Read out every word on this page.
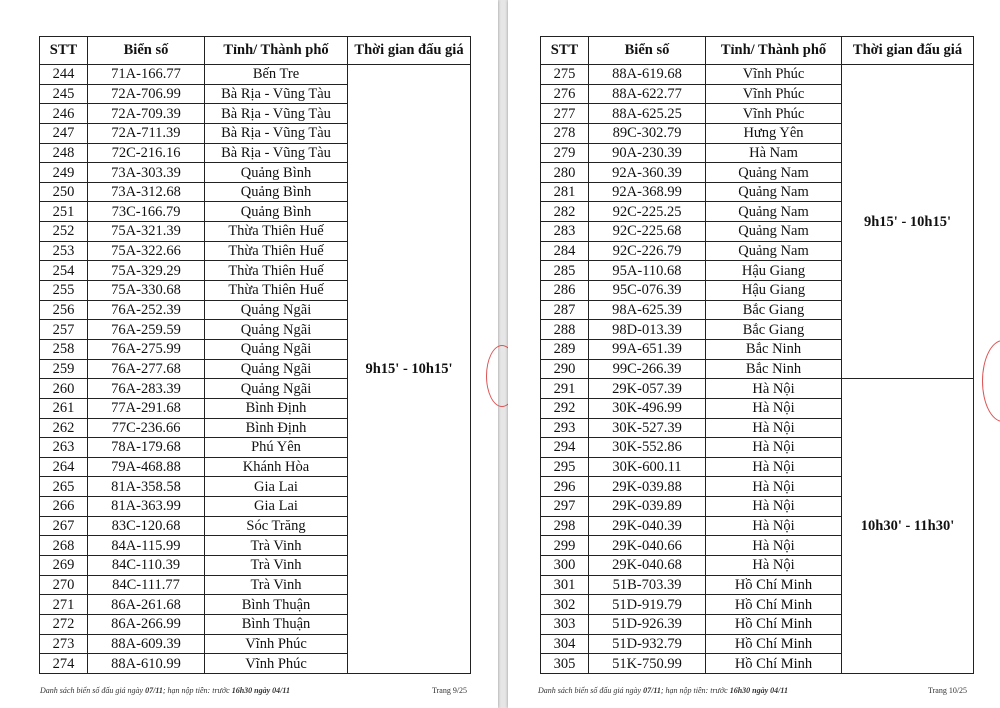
STT	Biển số	Tỉnh/ Thành phố	Thời gian đấu giá
244	71A-166.77	Bến Tre	9h15' - 10h15'
245	72A-706.99	Bà Rịa - Vũng Tàu	
246	72A-709.39	Bà Rịa - Vũng Tàu	
247	72A-711.39	Bà Rịa - Vũng Tàu	
248	72C-216.16	Bà Rịa - Vũng Tàu	
249	73A-303.39	Quảng Bình	
250	73A-312.68	Quảng Bình	
251	73C-166.79	Quảng Bình	
252	75A-321.39	Thừa Thiên Huế	
253	75A-322.66	Thừa Thiên Huế	
254	75A-329.29	Thừa Thiên Huế	
255	75A-330.68	Thừa Thiên Huế	
256	76A-252.39	Quảng Ngãi	
257	76A-259.59	Quảng Ngãi	
258	76A-275.99	Quảng Ngãi	
259	76A-277.68	Quảng Ngãi	
260	76A-283.39	Quảng Ngãi	
261	77A-291.68	Bình Định	
262	77C-236.66	Bình Định	
263	78A-179.68	Phú Yên	
264	79A-468.88	Khánh Hòa	
265	81A-358.58	Gia Lai	
266	81A-363.99	Gia Lai	
267	83C-120.68	Sóc Trăng	
268	84A-115.99	Trà Vinh	
269	84C-110.39	Trà Vinh	
270	84C-111.77	Trà Vinh	
271	86A-261.68	Bình Thuận	
272	86A-266.99	Bình Thuận	
273	88A-609.39	Vĩnh Phúc	
274	88A-610.99	Vĩnh Phúc	
Danh sách biển số đấu giá ngày 07/11; hạn nộp tiền: trước 16h30 ngày 04/11	Trang 9/25
STT	Biển số	Tỉnh/ Thành phố	Thời gian đấu giá
275	88A-619.68	Vĩnh Phúc	9h15' - 10h15'
276	88A-622.77	Vĩnh Phúc	
277	88A-625.25	Vĩnh Phúc	
278	89C-302.79	Hưng Yên	
279	90A-230.39	Hà Nam	
280	92A-360.39	Quảng Nam	
281	92A-368.99	Quảng Nam	
282	92C-225.25	Quảng Nam	
283	92C-225.68	Quảng Nam	
284	92C-226.79	Quảng Nam	
285	95A-110.68	Hậu Giang	
286	95C-076.39	Hậu Giang	
287	98A-625.39	Bắc Giang	
288	98D-013.39	Bắc Giang	
289	99A-651.39	Bắc Ninh	
290	99C-266.39	Bắc Ninh	
291	29K-057.39	Hà Nội	10h30' - 11h30'
292	30K-496.99	Hà Nội	
293	30K-527.39	Hà Nội	
294	30K-552.86	Hà Nội	
295	30K-600.11	Hà Nội	
296	29K-039.88	Hà Nội	
297	29K-039.89	Hà Nội	
298	29K-040.39	Hà Nội	
299	29K-040.66	Hà Nội	
300	29K-040.68	Hà Nội	
301	51B-703.39	Hồ Chí Minh	
302	51D-919.79	Hồ Chí Minh	
303	51D-926.39	Hồ Chí Minh	
304	51D-932.79	Hồ Chí Minh	
305	51K-750.99	Hồ Chí Minh	
Danh sách biển số đấu giá ngày 07/11; hạn nộp tiền: trước 16h30 ngày 04/11	Trang 10/25
